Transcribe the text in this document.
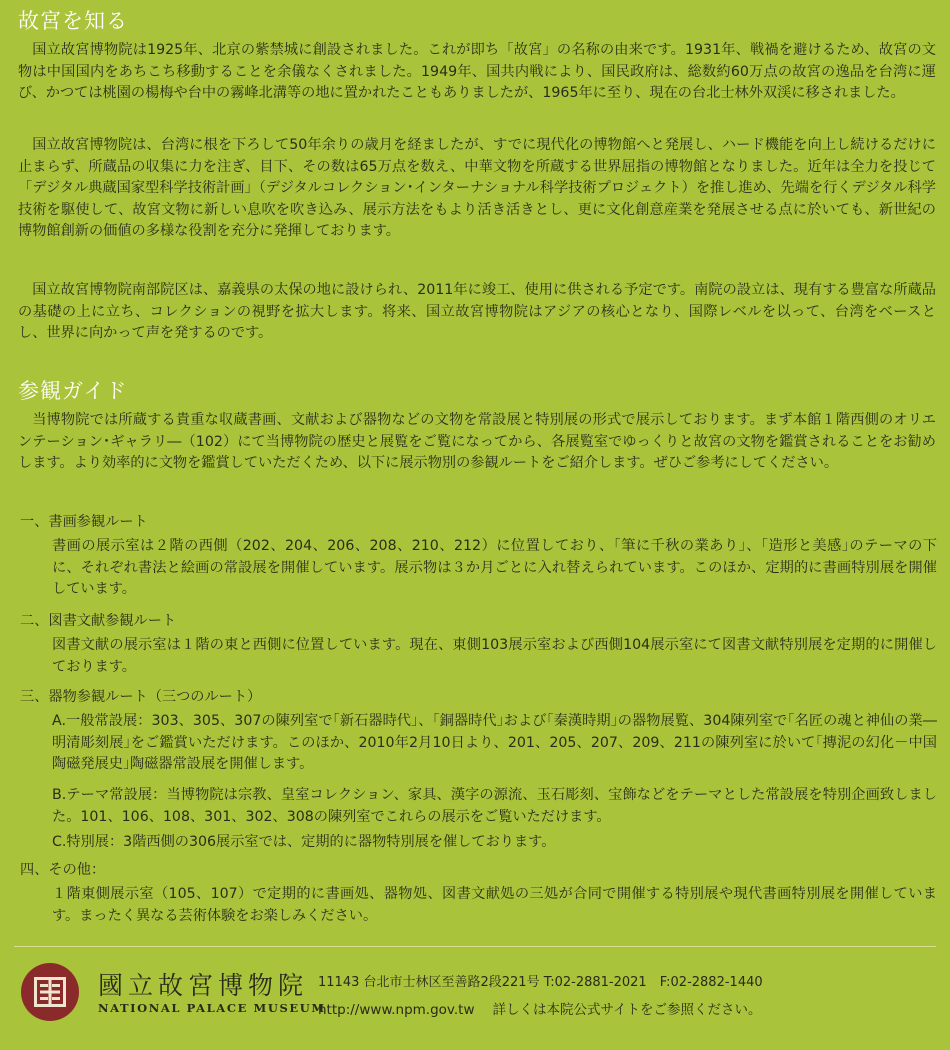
故宮を知る

国立故宮博物院は1925年、北京の紫禁城に創設されました。これが即ち「故宮」の名称の由来です。1931年、戦禍を避けるため、故宮の文物は中国国内をあちこち移動することを余儀なくされました。1949年、国共内戦により、国民政府は、総数約60万点の故宮の逸品を台湾に運び、かつては桃園の楊梅や台中の霧峰北溝等の地に置かれたこともありましたが、1965年に至り、現在の台北士林外双渓に移されました。

国立故宮博物院は、台湾に根を下ろして50年余りの歳月を経ましたが、すでに現代化の博物館へと発展し、ハード機能を向上し続けるだけに止まらず、所蔵品の収集に力を注ぎ、目下、その数は65万点を数え、中華文物を所蔵する世界屈指の博物館となりました。近年は全力を投じて「デジタル典蔵国家型科学技術計画」（デジタルコレクション･インターナショナル科学技術プロジェクト）を推し進め、先端を行くデジタル科学技術を駆使して、故宮文物に新しい息吹を吹き込み、展示方法をもより活き活きとし、更に文化創意産業を発展させる点に於いても、新世紀の博物館創新の価値の多様な役割を充分に発揮しております。

国立故宮博物院南部院区は、嘉義県の太保の地に設けられ、2011年に竣工、使用に供される予定です。南院の設立は、現有する豊富な所蔵品の基礎の上に立ち、コレクションの視野を拡大します。将来、国立故宮博物院はアジアの核心となり、国際レベルを以って、台湾をベースとし、世界に向かって声を発するのです。

参観ガイド

当博物院では所蔵する貴重な収蔵書画、文献および器物などの文物を常設展と特別展の形式で展示しております。まず本館１階西側のオリエンテーション･ギャラリ―（102）にて当博物院の歴史と展覧をご覧になってから、各展覧室でゆっくりと故宮の文物を鑑賞されることをお勧めします。より効率的に文物を鑑賞していただくため、以下に展示物別の参観ルートをご紹介します。ぜひご参考にしてください。

一、書画参観ルート

書画の展示室は２階の西側（202、204、206、208、210、212）に位置しており、｢筆に千秋の業あり｣、｢造形と美感｣のテーマの下に、それぞれ書法と絵画の常設展を開催しています。展示物は３か月ごとに入れ替えられています。このほか、定期的に書画特別展を開催しています。

二、図書文献参観ルート

図書文献の展示室は１階の東と西側に位置しています。現在、東側103展示室および西側104展示室にて図書文献特別展を定期的に開催しております。

三、器物参観ルート（三つのルート）

A.一般常設展：303、305、307の陳列室で｢新石器時代｣、｢銅器時代｣および｢秦漢時期｣の器物展覧、304陳列室で｢名匠の魂と神仙の業―明清彫刻展｣をご鑑賞いただけます。このほか、2010年2月10日より、201、205、207、209、211の陳列室に於いて｢摶泥の幻化－中国陶磁発展史｣陶磁器常設展を開催します。

B.テーマ常設展：当博物院は宗教、皇室コレクション、家具、漢字の源流、玉石彫刻、宝飾などをテーマとした常設展を特別企画致しました。101、106、108、301、302、308の陳列室でこれらの展示をご覧いただけます。

C.特別展：3階西側の306展示室では、定期的に器物特別展を催しております。

四、その他：

１階東側展示室（105、107）で定期的に書画処、器物処、図書文献処の三処が合同で開催する特別展や現代書画特別展を開催しています。まったく異なる芸術体験をお楽しみください。

國立故宮博物院
NATIONAL PALACE MUSEUM
11143 台北市士林区至善路2段221号 T:02-2881-2021　F:02-2882-1440
http://www.npm.gov.tw 詳しくは本院公式サイトをご参照ください。
